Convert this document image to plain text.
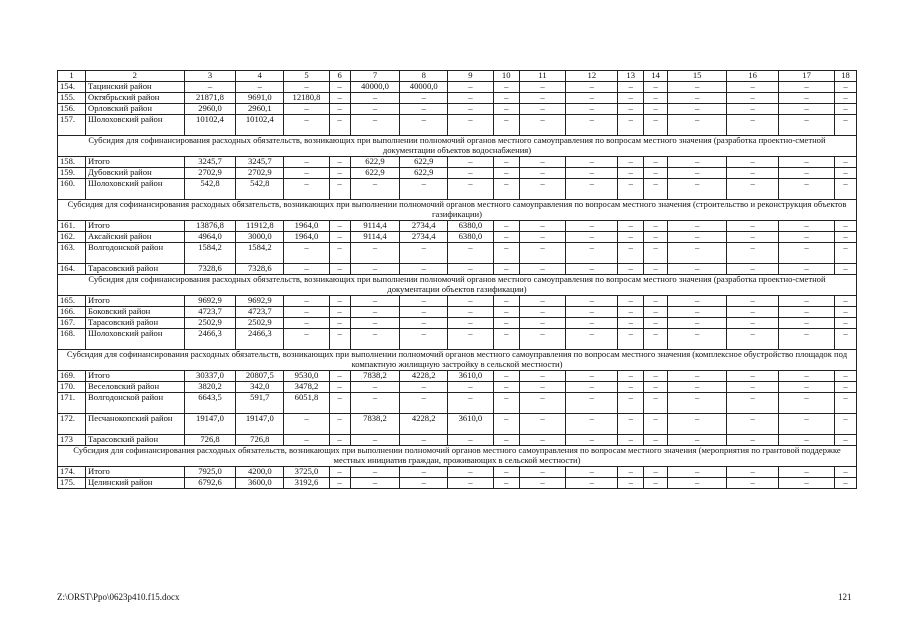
1	2	3	4	5	6	7	8	9	10	11	12	13	14	15	16	17	18
154.	Тацинский район	–	–	–	–	40000,0	40000,0	–	–	–	–	–	–	–	–	–	–
155.	Октябрьский район	21871,8	9691,0	12180,8	–	–	–	–	–	–	–	–	–	–	–	–	–
156.	Орловский район	2960,0	2960,1	–	–	–	–	–	–	–	–	–	–	–	–	–	–
157.	Шолоховский район	10102,4	10102,4	–	–	–	–	–	–	–	–	–	–	–	–	–	–
Субсидия для софинансирования расходных обязательств, возникающих при выполнении полномочий органов местного самоуправления по вопросам местного значения (разработка проектно-сметной документации объектов водоснабжения)																	
158.	Итого	3245,7	3245,7	–	–	622,9	622,9	–	–	–	–	–	–	–	–	–	–
159.	Дубовский район	2702,9	2702,9	–	–	622,9	622,9	–	–	–	–	–	–	–	–	–	–
160.	Шолоховский район	542,8	542,8	–	–	–	–	–	–	–	–	–	–	–	–	–	–
Субсидия для софинансирования расходных обязательств, возникающих при выполнении полномочий органов местного самоуправления по вопросам местного значения (строительство и реконструкция объектов газификации)																	
161.	Итого	13876,8	11912,8	1964,0	–	9114,4	2734,4	6380,0	–	–	–	–	–	–	–	–	–
162.	Аксайский район	4964,0	3000,0	1964,0	–	9114,4	2734,4	6380,0	–	–	–	–	–	–	–	–	–
163.	Волгодонской район	1584,2	1584,2	–	–	–	–	–	–	–	–	–	–	–	–	–	–
164.	Тарасовский район	7328,6	7328,6	–	–	–	–	–	–	–	–	–	–	–	–	–	–
Субсидия для софинансирования расходных обязательств, возникающих при выполнении полномочий органов местного самоуправления по вопросам местного значения (разработка проектно-сметной документации объектов газификации)																	
165.	Итого	9692,9	9692,9	–	–	–	–	–	–	–	–	–	–	–	–	–	–
166.	Боковский район	4723,7	4723,7	–	–	–	–	–	–	–	–	–	–	–	–	–	–
167.	Тарасовский район	2502,9	2502,9	–	–	–	–	–	–	–	–	–	–	–	–	–	–
168.	Шолоховский район	2466,3	2466,3	–	–	–	–	–	–	–	–	–	–	–	–	–	–
Субсидия для софинансирования расходных обязательств, возникающих при выполнении полномочий органов местного самоуправления по вопросам местного значения (комплексное обустройство площадок под компактную жилищную застройку в сельской местности)																	
169.	Итого	30337,0	20807,5	9530,0	–	7838,2	4228,2	3610,0	–	–	–	–	–	–	–	–	–
170.	Веселовский район	3820,2	342,0	3478,2	–	–	–	–	–	–	–	–	–	–	–	–	–
171.	Волгодонской район	6643,5	591,7	6051,8	–	–	–	–	–	–	–	–	–	–	–	–	–
172.	Песчанокопский район	19147,0	19147,0	–	–	7838,2	4228,2	3610,0	–	–	–	–	–	–	–	–	–
173	Тарасовский район	726,8	726,8	–	–	–	–	–	–	–	–	–	–	–	–	–	–
Субсидия для софинансирования расходных обязательств, возникающих при выполнении полномочий органов местного самоуправления по вопросам местного значения (мероприятия по грантовой поддержке местных инициатив граждан, проживающих в сельской местности)																	
174.	Итого	7925,0	4200,0	3725,0	–	–	–	–	–	–	–	–	–	–	–	–	–
175.	Целинский район	6792,6	3600,0	3192,6	–	–	–	–	–	–	–	–	–	–	–	–	–
Z:\ORST\Ppo\0623p410.f15.docx	121
